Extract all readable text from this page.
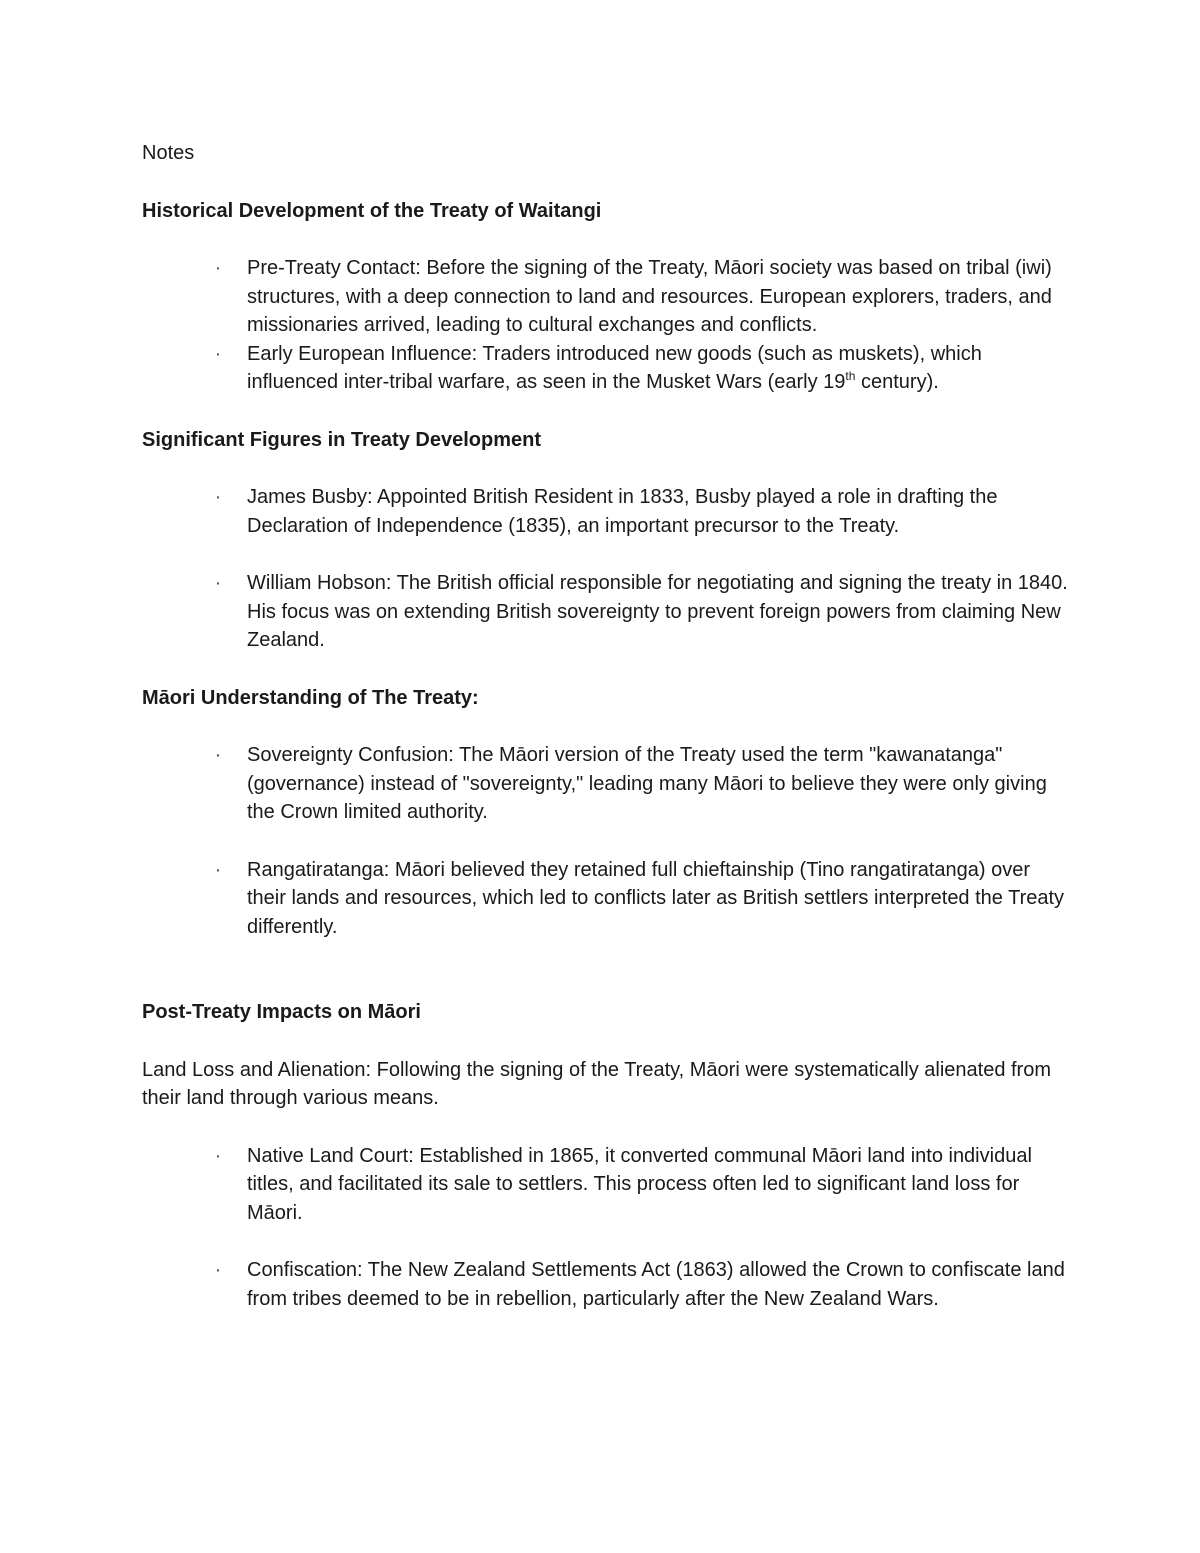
Notes

Historical Development of the Treaty of Waitangi

· Pre-Treaty Contact: Before the signing of the Treaty, Māori society was based on tribal (iwi) structures, with a deep connection to land and resources. European explorers, traders, and missionaries arrived, leading to cultural exchanges and conflicts.
· Early European Influence: Traders introduced new goods (such as muskets), which influenced inter-tribal warfare, as seen in the Musket Wars (early 19th century).

Significant Figures in Treaty Development

· James Busby: Appointed British Resident in 1833, Busby played a role in drafting the Declaration of Independence (1835), an important precursor to the Treaty.
· William Hobson: The British official responsible for negotiating and signing the treaty in 1840. His focus was on extending British sovereignty to prevent foreign powers from claiming New Zealand.

Māori Understanding of The Treaty:

· Sovereignty Confusion: The Māori version of the Treaty used the term "kawanatanga" (governance) instead of "sovereignty," leading many Māori to believe they were only giving the Crown limited authority.
· Rangatiratanga: Māori believed they retained full chieftainship (Tino rangatiratanga) over their lands and resources, which led to conflicts later as British settlers interpreted the Treaty differently.

Post-Treaty Impacts on Māori

Land Loss and Alienation: Following the signing of the Treaty, Māori were systematically alienated from their land through various means.

· Native Land Court: Established in 1865, it converted communal Māori land into individual titles, and facilitated its sale to settlers. This process often led to significant land loss for Māori.
· Confiscation: The New Zealand Settlements Act (1863) allowed the Crown to confiscate land from tribes deemed to be in rebellion, particularly after the New Zealand Wars.
